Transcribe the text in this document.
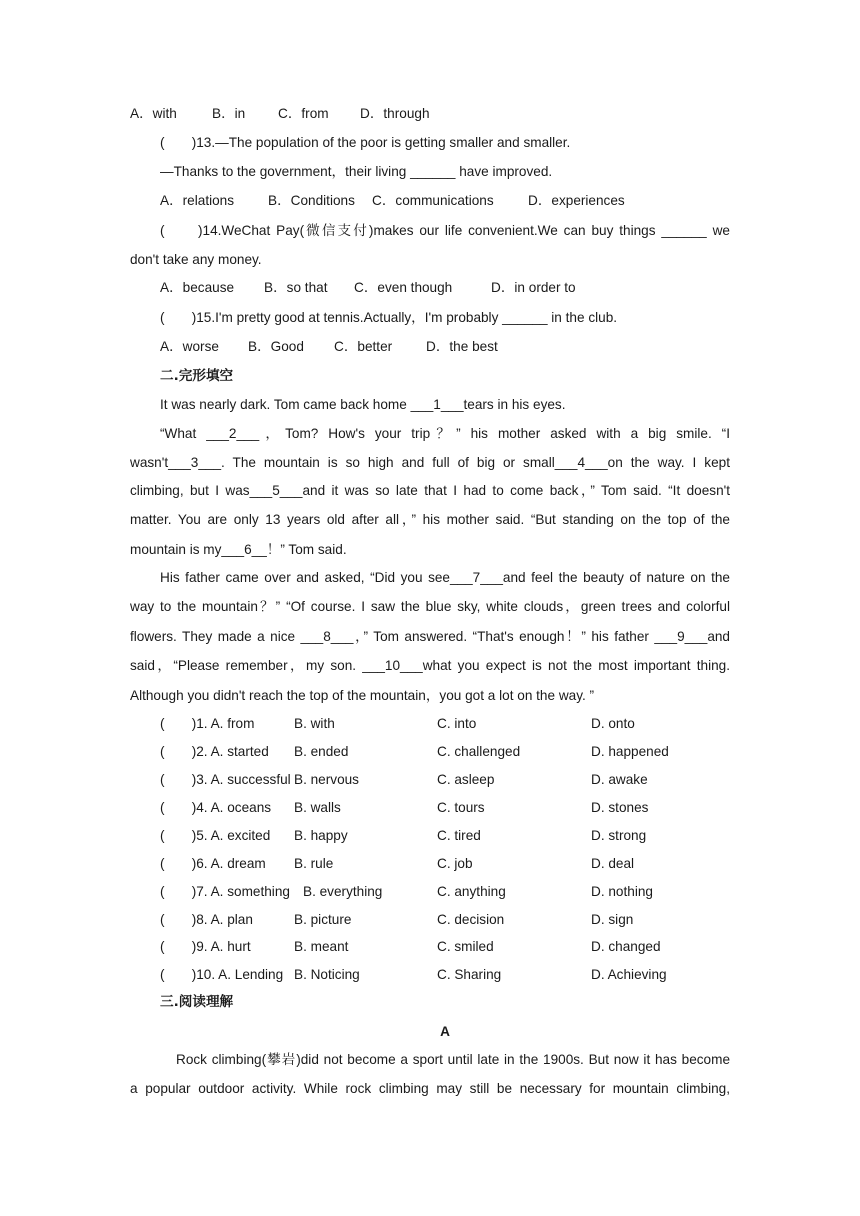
A．with	B．in C．from D．through
(　　)13.—The population of the poor is getting smaller and smaller.
—Thanks to the government，their living ______ have improved.
A．relations B．Conditions C．communications	D．experiences
(　　)14.WeChat Pay(微信支付)makes our life convenient.We can buy things ______ we
don't take any money.
A．because B．so that C．even though	D．in order to
(　　)15.I'm pretty good at tennis.Actually，I'm probably ______ in the club.
A．worse B．Good C．better D．the best
二.完形填空
It was nearly dark. Tom came back home ___1___tears in his eyes.
“What ___2___，Tom? How's your trip？” his mother asked with a big smile. “I
wasn't___3___. The mountain is so high and full of big or small___4___on the way. I kept
climbing, but I was___5___and it was so late that I had to come back，” Tom said. “It doesn't
matter. You are only 13 years old after all，” his mother said. “But standing on the top of the
mountain is my___6__！” Tom said.
His father came over and asked, “Did you see___7___and feel the beauty of nature on the
way to the mountain？” “Of course. I saw the blue sky, white clouds，green trees and colorful
flowers. They made a nice ___8___，” Tom answered. “That's enough！” his father ___9___and
said，“Please remember，my son. ___10___what you expect is not the most important thing.
Although you didn't reach the top of the mountain，you got a lot on the way. ”
(　　)1. A. from	B. with	C. into	D. onto
(　　)2. A. started B. ended	C. challenged	D. happened
(　　)3. A. successful B. nervous	C. asleep	D. awake
(　　)4. A. oceans B. walls	C. tours	D. stones
(　　)5. A. excited B. happy	C. tired	D. strong
(　　)6. A. dream B. rule	C. job	D. deal
(　　)7. A. something B. everything	C. anything	D. nothing
(　　)8. A. plan	B. picture	C. decision	D. sign
(　　)9. A. hurt	B. meant	C. smiled	D. changed
(　　)10. A. Lending B. Noticing	C. Sharing	D. Achieving
三.阅读理解
A
Rock climbing(攀岩)did not become a sport until late in the 1900s. But now it has become
a popular outdoor activity. While rock climbing may still be necessary for mountain climbing,
